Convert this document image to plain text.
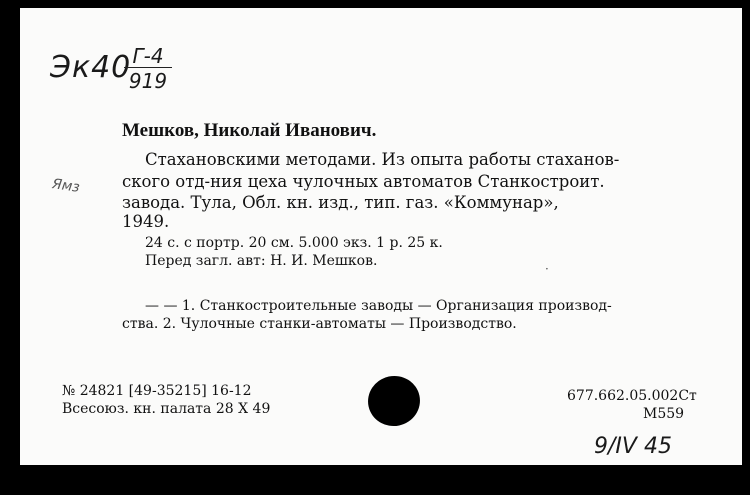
Эк40 Г-4
919
Ямз
Мешков, Николай Иванович.
Стахановскими методами. Из опыта работы стаханов-
ского отд-ния цеха чулочных автоматов Станкостроит.
завода. Тула, Обл. кн. изд., тип. газ. «Коммунар»,
1949.
24 с. с портр. 20 см. 5.000 экз. 1 р. 25 к.
Перед загл. авт: Н. И. Мешков.	·
— — 1. Станкостроительные заводы — Организация производ-
ства. 2. Чулочные станки-автоматы — Производство.
№ 24821 [49-35215] 16-12
Всесоюз. кн. палата 28 X 49
677.662.05.002Ст
М559
9/IV 45
